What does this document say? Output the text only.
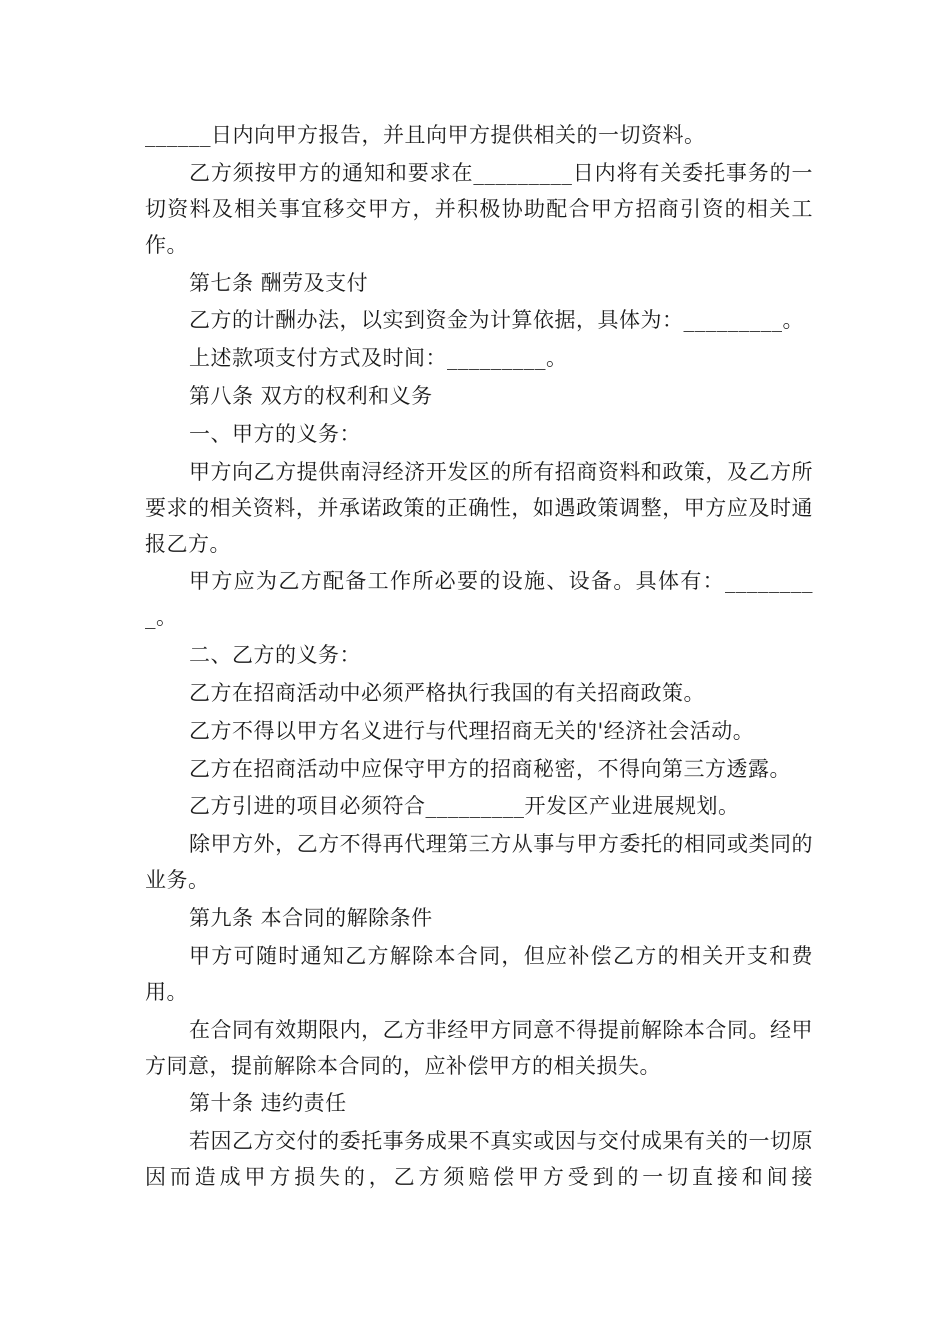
______日内向甲方报告，并且向甲方提供相关的一切资料。

乙方须按甲方的通知和要求在_________日内将有关委托事务的一切资料及相关事宜移交甲方，并积极协助配合甲方招商引资的相关工作。

第七条 酬劳及支付

乙方的计酬办法，以实到资金为计算依据，具体为：_________。

上述款项支付方式及时间：_________。

第八条 双方的权利和义务

一、甲方的义务：

甲方向乙方提供南浔经济开发区的所有招商资料和政策，及乙方所要求的相关资料，并承诺政策的正确性，如遇政策调整，甲方应及时通报乙方。

甲方应为乙方配备工作所必要的设施、设备。具体有：_________。

二、乙方的义务：

乙方在招商活动中必须严格执行我国的有关招商政策。

乙方不得以甲方名义进行与代理招商无关的'经济社会活动。

乙方在招商活动中应保守甲方的招商秘密，不得向第三方透露。

乙方引进的项目必须符合_________开发区产业进展规划。

除甲方外，乙方不得再代理第三方从事与甲方委托的相同或类同的业务。

第九条 本合同的解除条件

甲方可随时通知乙方解除本合同，但应补偿乙方的相关开支和费用。

在合同有效期限内，乙方非经甲方同意不得提前解除本合同。经甲方同意，提前解除本合同的，应补偿甲方的相关损失。

第十条 违约责任

若因乙方交付的委托事务成果不真实或因与交付成果有关的一切原因而造成甲方损失的，乙方须赔偿甲方受到的一切直接和间接
